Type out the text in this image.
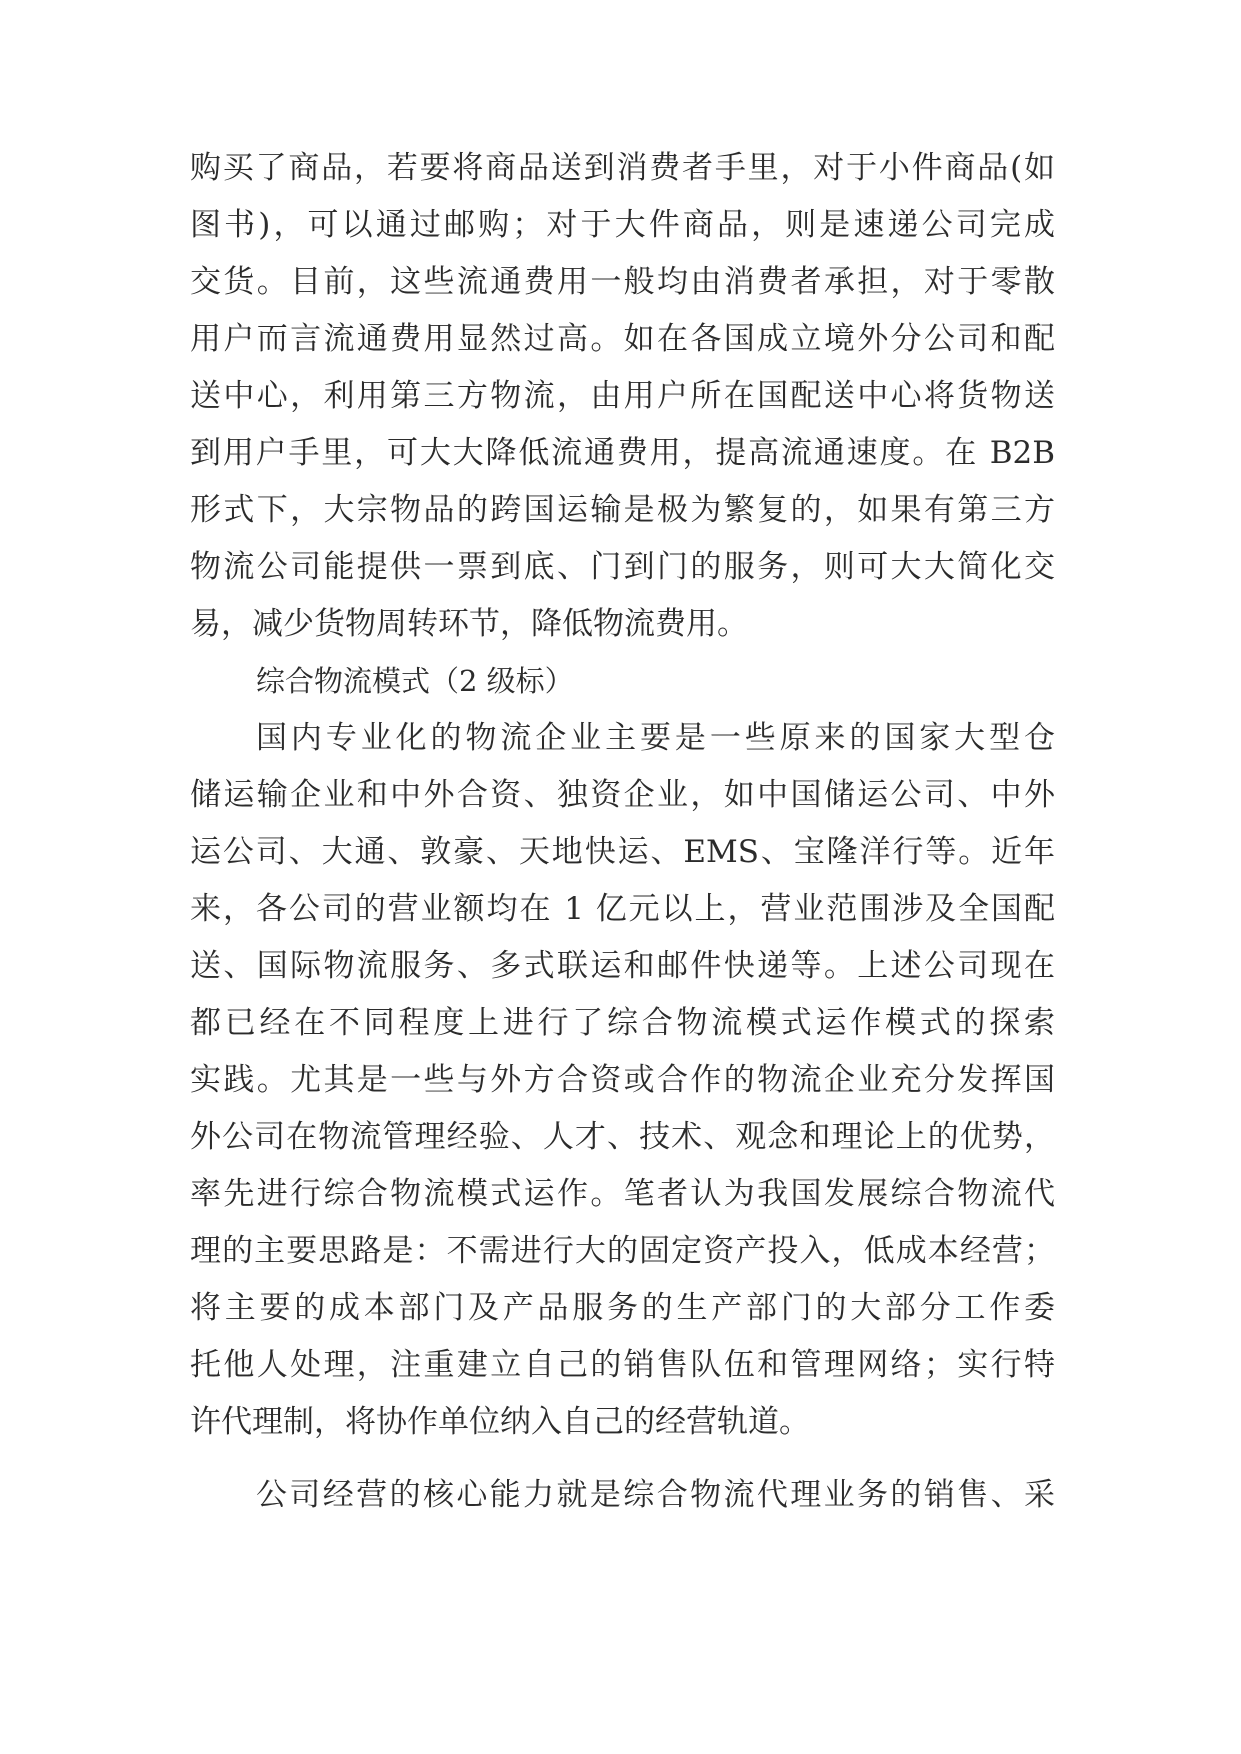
购买了商品，若要将商品送到消费者手里，对于小件商品(如
图书)，可以通过邮购；对于大件商品，则是速递公司完成
交货。目前，这些流通费用一般均由消费者承担，对于零散
用户而言流通费用显然过高。如在各国成立境外分公司和配
送中心，利用第三方物流，由用户所在国配送中心将货物送
到用户手里，可大大降低流通费用，提高流通速度。在 B2B
形式下，大宗物品的跨国运输是极为繁复的，如果有第三方
物流公司能提供一票到底、门到门的服务，则可大大简化交
易，减少货物周转环节，降低物流费用。
综合物流模式（2 级标）
国内专业化的物流企业主要是一些原来的国家大型仓
储运输企业和中外合资、独资企业，如中国储运公司、中外
运公司、大通、敦豪、天地快运、EMS、宝隆洋行等。近年
来，各公司的营业额均在 1 亿元以上，营业范围涉及全国配
送、国际物流服务、多式联运和邮件快递等。上述公司现在
都已经在不同程度上进行了综合物流模式运作模式的探索
实践。尤其是一些与外方合资或合作的物流企业充分发挥国
外公司在物流管理经验、人才、技术、观念和理论上的优势，
率先进行综合物流模式运作。笔者认为我国发展综合物流代
理的主要思路是：不需进行大的固定资产投入，低成本经营；
将主要的成本部门及产品服务的生产部门的大部分工作委
托他人处理，注重建立自己的销售队伍和管理网络；实行特
许代理制，将协作单位纳入自己的经营轨道。
公司经营的核心能力就是综合物流代理业务的销售、采
